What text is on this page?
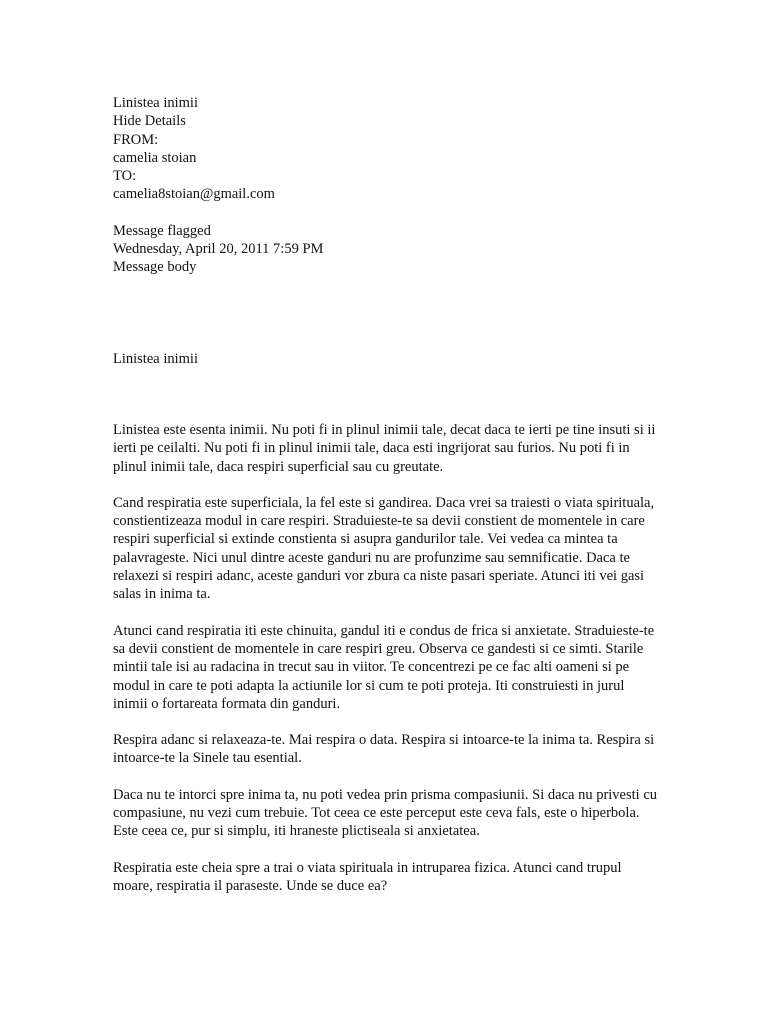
Linistea inimii
Hide Details
FROM:
camelia stoian
TO:
camelia8stoian@gmail.com
Message flagged
Wednesday, April 20, 2011 7:59 PM
Message body
Linistea inimii

Linistea este esenta inimii. Nu poti fi in plinul inimii tale, decat daca te ierti pe tine insuti si ii ierti pe ceilalti. Nu poti fi in plinul inimii tale, daca esti ingrijorat sau furios. Nu poti fi in plinul inimii tale, daca respiri superficial sau cu greutate.

Cand respiratia este superficiala, la fel este si gandirea. Daca vrei sa traiesti o viata spirituala, constientizeaza modul in care respiri. Straduieste-te sa devii constient de momentele in care respiri superficial si extinde constienta si asupra gandurilor tale. Vei vedea ca mintea ta palavrageste. Nici unul dintre aceste ganduri nu are profunzime sau semnificatie. Daca te relaxezi si respiri adanc, aceste ganduri vor zbura ca niste pasari speriate. Atunci iti vei gasi salas in inima ta.

Atunci cand respiratia iti este chinuita, gandul iti e condus de frica si anxietate. Straduieste-te sa devii constient de momentele in care respiri greu. Observa ce gandesti si ce simti. Starile mintii tale isi au radacina in trecut sau in viitor. Te concentrezi pe ce fac alti oameni si pe modul in care te poti adapta la actiunile lor si cum te poti proteja. Iti construiesti in jurul inimii o fortareata formata din ganduri.

Respira adanc si relaxeaza-te. Mai respira o data. Respira si intoarce-te la inima ta. Respira si intoarce-te la Sinele tau esential.

Daca nu te intorci spre inima ta, nu poti vedea prin prisma compasiunii. Si daca nu privesti cu compasiune, nu vezi cum trebuie. Tot ceea ce este perceput este ceva fals, este o hiperbola. Este ceea ce, pur si simplu, iti hraneste plictiseala si anxietatea.

Respiratia este cheia spre a trai o viata spirituala in intruparea fizica. Atunci cand trupul moare, respiratia il paraseste. Unde se duce ea?
